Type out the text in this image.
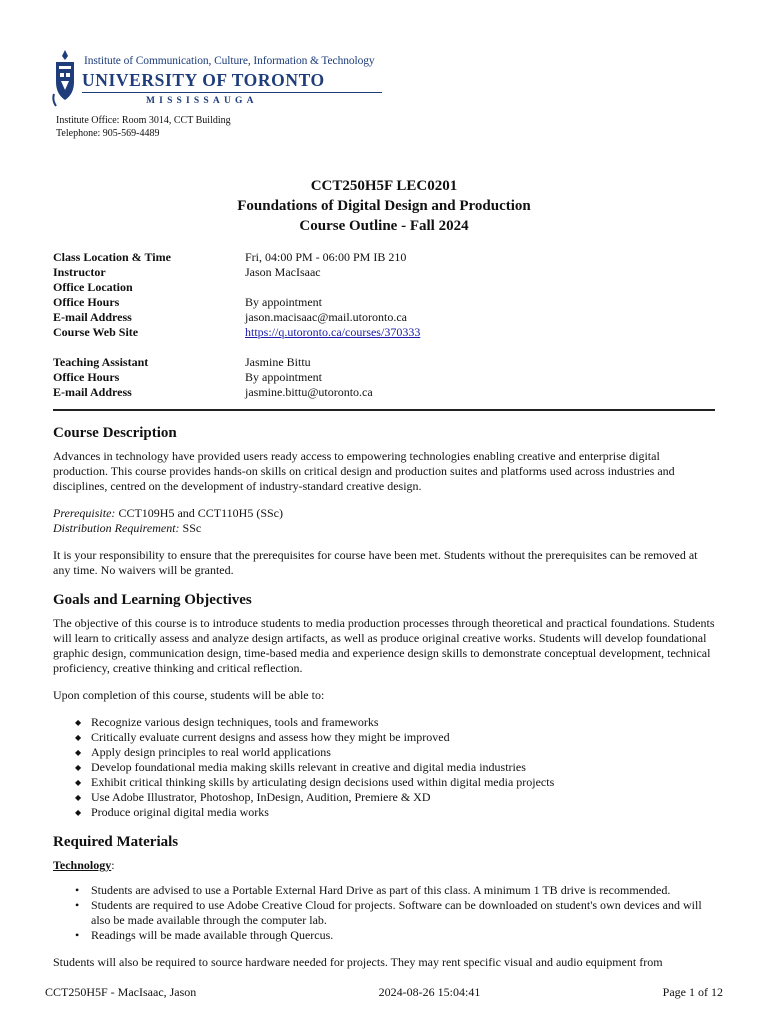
Institute of Communication, Culture, Information & Technology
UNIVERSITY OF TORONTO
MISSISSAUGA
Institute Office: Room 3014, CCT Building
Telephone: 905-569-4489
CCT250H5F LEC0201
Foundations of Digital Design and Production
Course Outline - Fall 2024
Class Location & Time	Fri, 04:00 PM - 06:00 PM IB 210
Instructor	Jason MacIsaac
Office Location
Office Hours	By appointment
E-mail Address	jason.macisaac@mail.utoronto.ca
Course Web Site	https://q.utoronto.ca/courses/370333
Teaching Assistant	Jasmine Bittu
Office Hours	By appointment
E-mail Address	jasmine.bittu@utoronto.ca
Course Description

Advances in technology have provided users ready access to empowering technologies enabling creative and enterprise digital production. This course provides hands-on skills on critical design and production suites and platforms used across industries and disciplines, centred on the development of industry-standard creative design.

Prerequisite: CCT109H5 and CCT110H5 (SSc)
Distribution Requirement: SSc

It is your responsibility to ensure that the prerequisites for course have been met. Students without the prerequisites can be removed at any time. No waivers will be granted.

Goals and Learning Objectives

The objective of this course is to introduce students to media production processes through theoretical and practical foundations. Students will learn to critically assess and analyze design artifacts, as well as produce original creative works. Students will develop foundational graphic design, communication design, time-based media and experience design skills to demonstrate conceptual development, technical proficiency, creative thinking and critical reflection.

Upon completion of this course, students will be able to:

◆ Recognize various design techniques, tools and frameworks
◆ Critically evaluate current designs and assess how they might be improved
◆ Apply design principles to real world applications
◆ Develop foundational media making skills relevant in creative and digital media industries
◆ Exhibit critical thinking skills by articulating design decisions used within digital media projects
◆ Use Adobe Illustrator, Photoshop, InDesign, Audition, Premiere & XD
◆ Produce original digital media works
Required Materials

Technology:

• Students are advised to use a Portable External Hard Drive as part of this class. A minimum 1 TB drive is recommended.
• Students are required to use Adobe Creative Cloud for projects. Software can be downloaded on student's own devices and will also be made available through the computer lab.
• Readings will be made available through Quercus.

Students will also be required to source hardware needed for projects. They may rent specific visual and audio equipment from

CCT250H5F - MacIsaac, Jason	2024-08-26 15:04:41	Page 1 of 12
